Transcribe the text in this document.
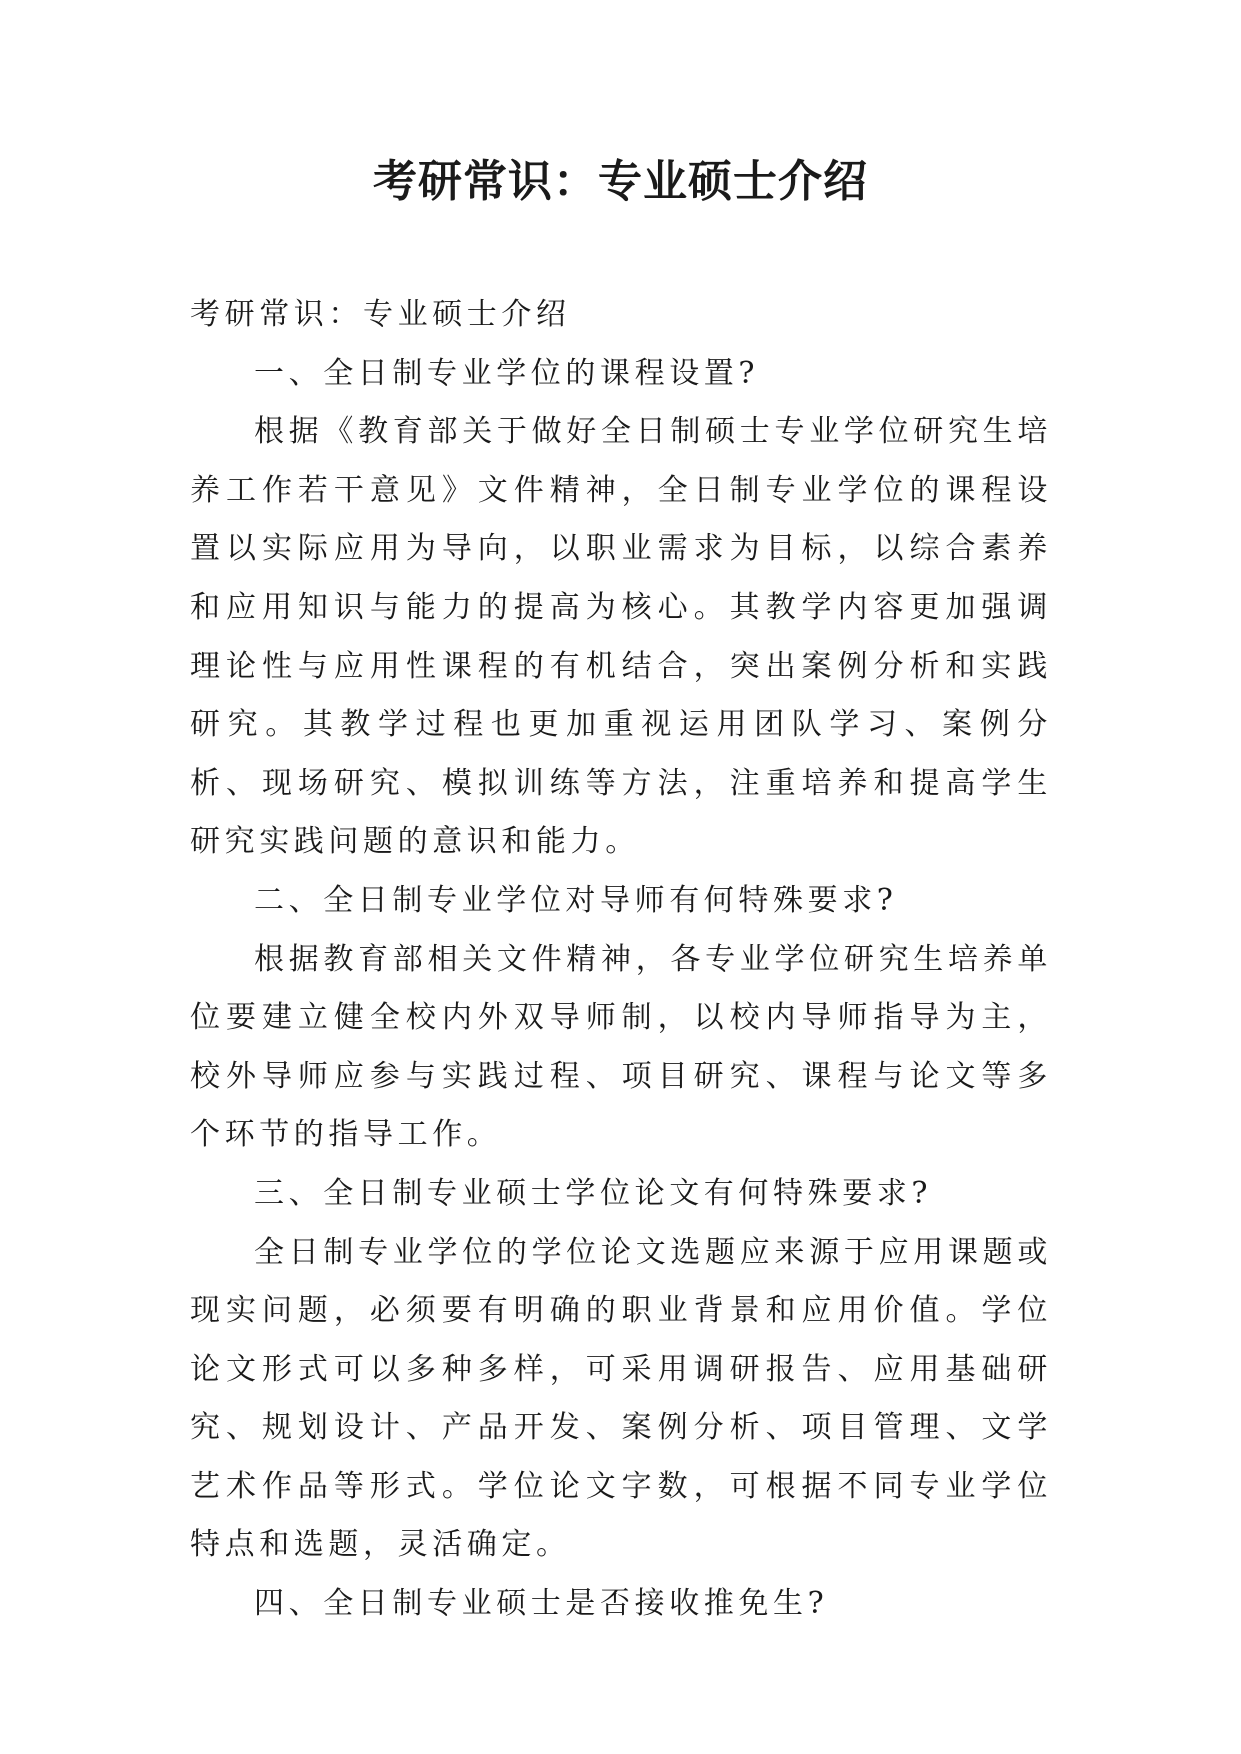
考研常识：专业硕士介绍

考研常识：专业硕士介绍

一、全日制专业学位的课程设置?

根据《教育部关于做好全日制硕士专业学位研究生培养工作若干意见》文件精神，全日制专业学位的课程设置以实际应用为导向，以职业需求为目标，以综合素养和应用知识与能力的提高为核心。其教学内容更加强调理论性与应用性课程的有机结合，突出案例分析和实践研究。其教学过程也更加重视运用团队学习、案例分析、现场研究、模拟训练等方法，注重培养和提高学生研究实践问题的意识和能力。

二、全日制专业学位对导师有何特殊要求?

根据教育部相关文件精神，各专业学位研究生培养单位要建立健全校内外双导师制，以校内导师指导为主，校外导师应参与实践过程、项目研究、课程与论文等多个环节的指导工作。

三、全日制专业硕士学位论文有何特殊要求?

全日制专业学位的学位论文选题应来源于应用课题或现实问题，必须要有明确的职业背景和应用价值。学位论文形式可以多种多样，可采用调研报告、应用基础研究、规划设计、产品开发、案例分析、项目管理、文学艺术作品等形式。学位论文字数，可根据不同专业学位特点和选题，灵活确定。

四、全日制专业硕士是否接收推免生?
